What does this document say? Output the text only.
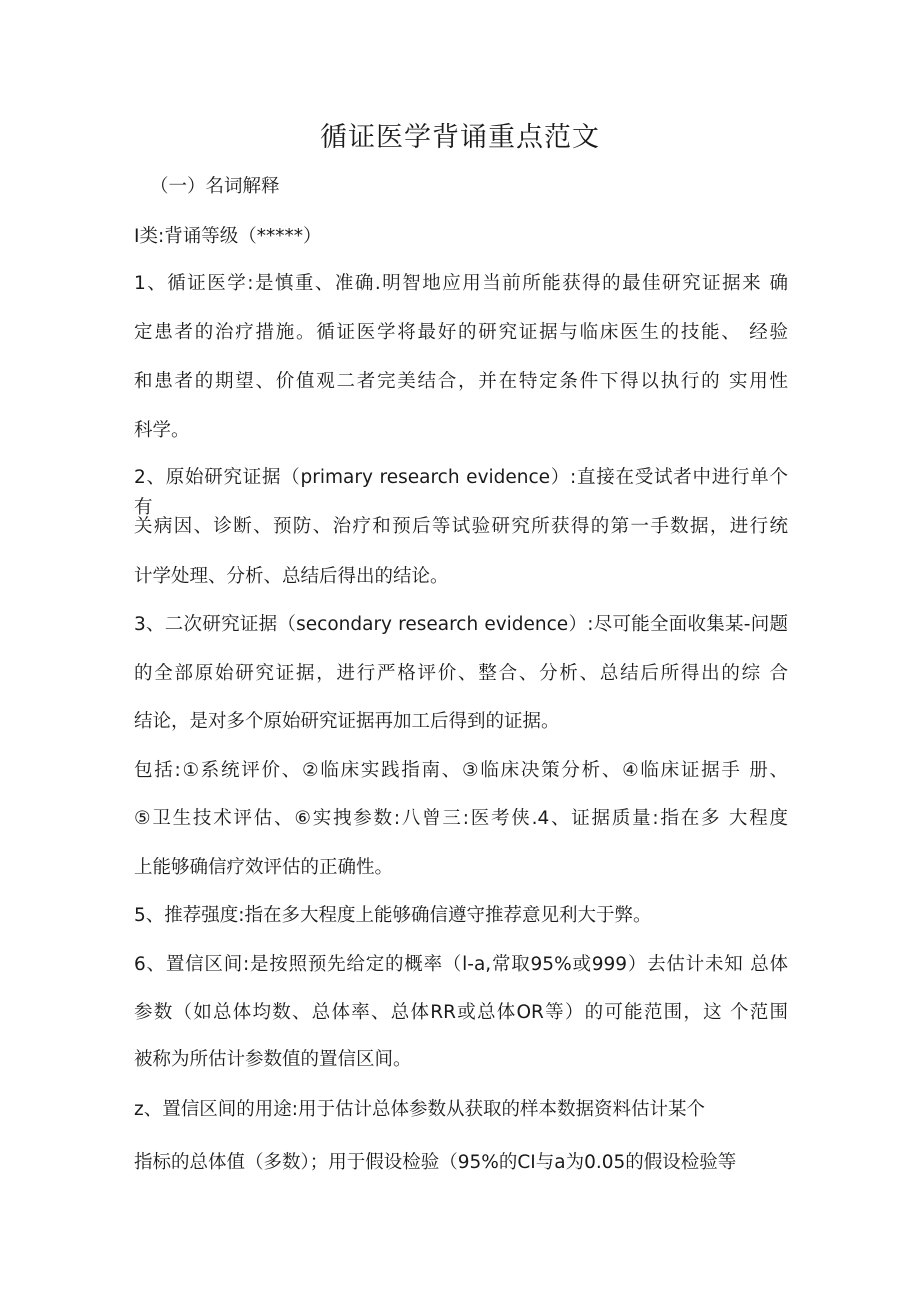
循证医学背诵重点范文
（一）名词解释
I类:背诵等级（*****）
1、循证医学:是慎重、准确.明智地应用当前所能获得的最佳研究证据来 确
定患者的治疗措施。循证医学将最好的研究证据与临床医生的技能、 经验
和患者的期望、价值观二者完美结合，并在特定条件下得以执行的 实用性
科学。
2、原始研究证据（primary research evidence）:直接在受试者中进行单个 有
关病因、诊断、预防、治疗和预后等试验研究所获得的第一手数据，进行统
计学处理、分析、总结后得出的结论。
3、二次研究证据（secondary research evidence）:尽可能全面收集某-问题
的全部原始研究证据，进行严格评价、整合、分析、总结后所得出的综 合
结论，是对多个原始研究证据再加工后得到的证据。
包括:①系统评价、②临床实践指南、③临床决策分析、④临床证据手 册、
⑤卫生技术评估、⑥实拽参数:八曾三:医考侠.4、证据质量:指在多 大程度
上能够确信疗效评估的正确性。
5、推荐强度:指在多大程度上能够确信遵守推荐意见利大于弊。
6、置信区间:是按照预先给定的概率（l-a,常取95%或999）去估计未知 总体
参数（如总体均数、总体率、总体RR或总体OR等）的可能范围，这 个范围
被称为所估计参数值的置信区间。
z、置信区间的用途:用于估计总体参数从获取的样本数据资料估计某个
指标的总体值（多数）；用于假设检验（95%的CI与a为0.05的假设检验等
